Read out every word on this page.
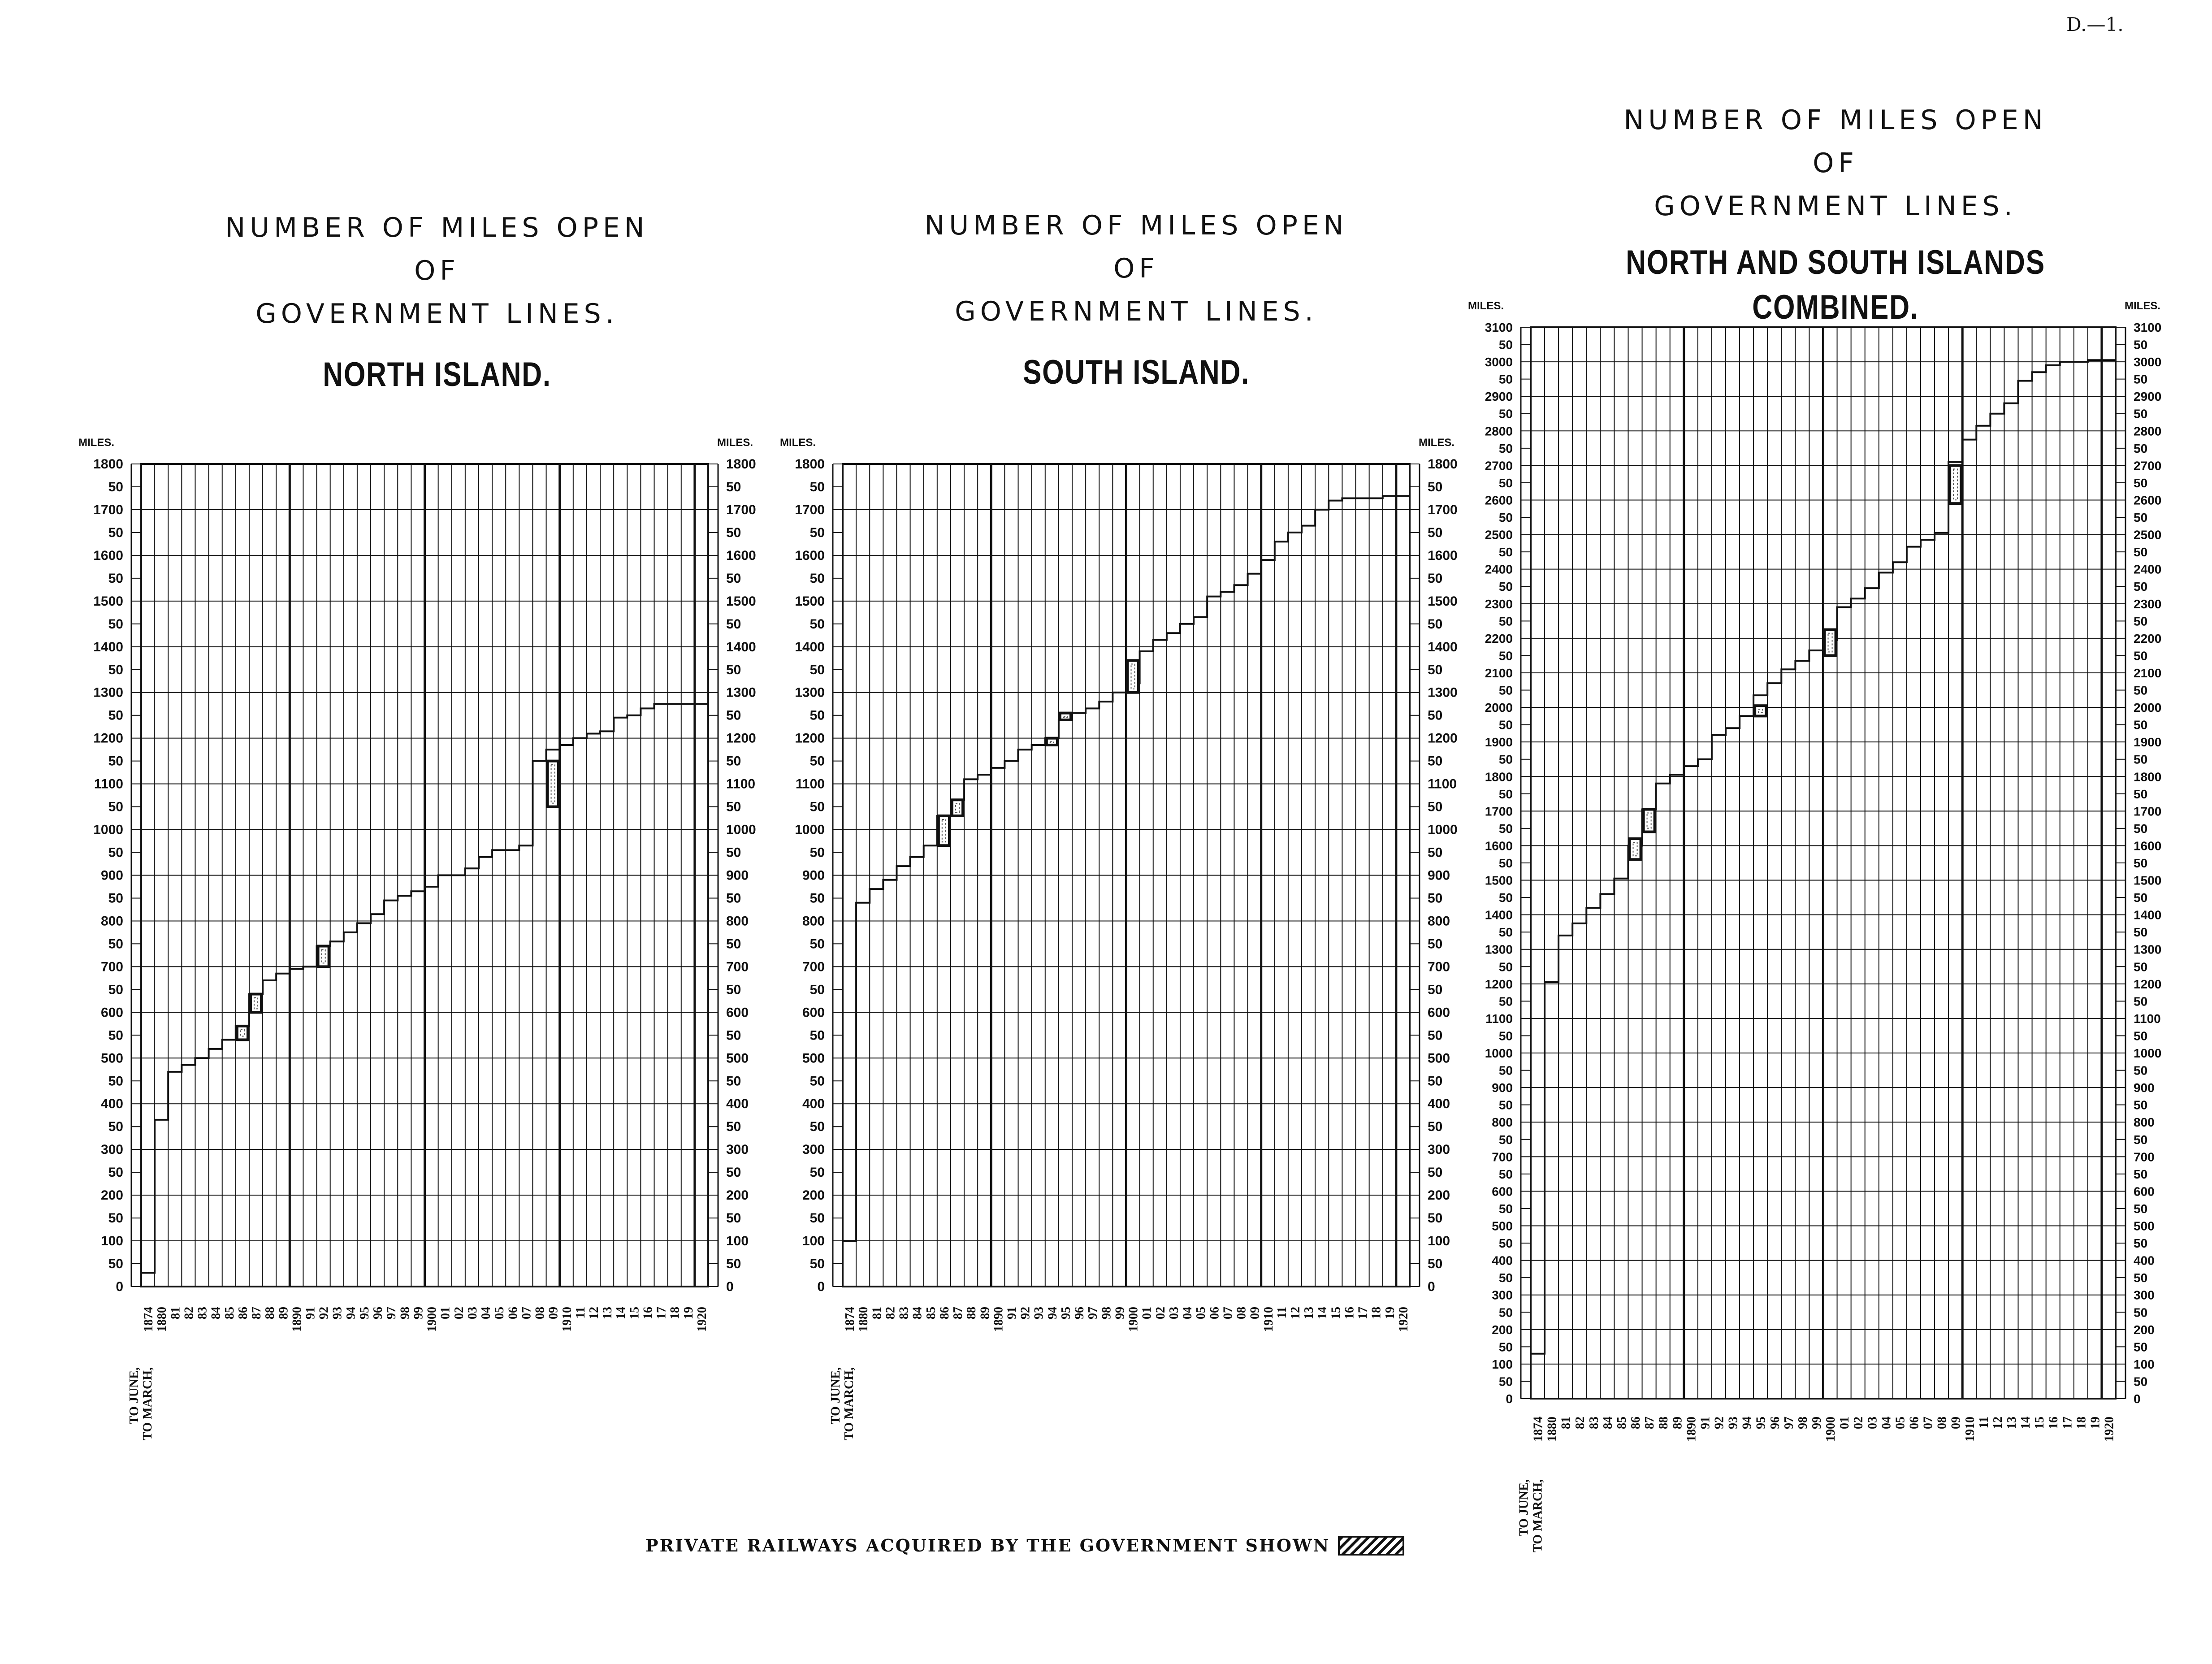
D.—1.
NUMBER OF MILES OPEN
OF
GOVERNMENT LINES.
NORTH ISLAND.
NUMBER OF MILES OPEN
OF
GOVERNMENT LINES.
SOUTH ISLAND.
NUMBER OF MILES OPEN
OF
GOVERNMENT LINES.
NORTH AND SOUTH ISLANDS COMBINED.
0	0
50	50
100	100
50	50
200	200
50	50
300	300
50	50
400	400
50	50
500	500
50	50
600	600
50	50
700	700
50	50
800	800
50	50
900	900
50	50
1000	1000
50	50
1100	1100
50	50
1200	1200
50	50
1300	1300
50	50
1400	1400
50	50
1500	1500
50	50
1600	1600
50	50
1700	1700
50	50
1800	1800
MILES.	MILES.
1874 1880 81 82 83 84 85 86 87 88 89 1890 91 92 93 94 95 96 97 98 99 1900 01 02 03 04 05 06 07 08 09 1910 11 12 13 14 15 16 17 18 19 1920
TO JUNE, TO MARCH,
0	0
50	50
100	100
50	50
200	200
50	50
300	300
50	50
400	400
50	50
500	500
50	50
600	600
50	50
700	700
50	50
800	800
50	50
900	900
50	50
1000	1000
50	50
1100	1100
50	50
1200	1200
50	50
1300	1300
50	50
1400	1400
50	50
1500	1500
50	50
1600	1600
50	50
1700	1700
50	50
1800	1800
MILES.	MILES.
1874 1880 81 82 83 84 85 86 87 88 89 1890 91 92 93 94 95 96 97 98 99 1900 01 02 03 04 05 06 07 08 09 1910 11 12 13 14 15 16 17 18 19 1920
TO JUNE, TO MARCH,	0	0
50	50
100	100
50	50
200	200
50	50
300	300
50	50
400	400
50	50
500	500
50	50
600	600
50	50
700	700
50	50
800	800
50	50
900	900
50	50
1000	1000
50	50
1100	1100
50	50
1200	1200
50	50
1300	1300
50	50
1400	1400
50	50
1500	1500
50	50
1600	1600
50	50
1700	1700
50	50
1800	1800
50	50
1900	1900
50	50
2000	2000
50	50
2100	2100
50	50
2200	2200
50	50
2300	2300
50	50
2400	2400
50	50
2500	2500
50	50
2600	2600
50	50
2700	2700
50	50
2800	2800
50	50
2900	2900
50	50
3000	3000
50	50
3100	3100
MILES.	MILES.
1874 1880 81 82 83 84 85 86 87 88 89 1890 91 92 93 94 95 96 97 98 99 1900 01 02 03 04 05 06 07 08 09 1910 11 12 13 14 15 16 17 18 19 1920
TO JUNE, TO MARCH,
PRIVATE RAILWAYS ACQUIRED BY THE GOVERNMENT SHOWN
